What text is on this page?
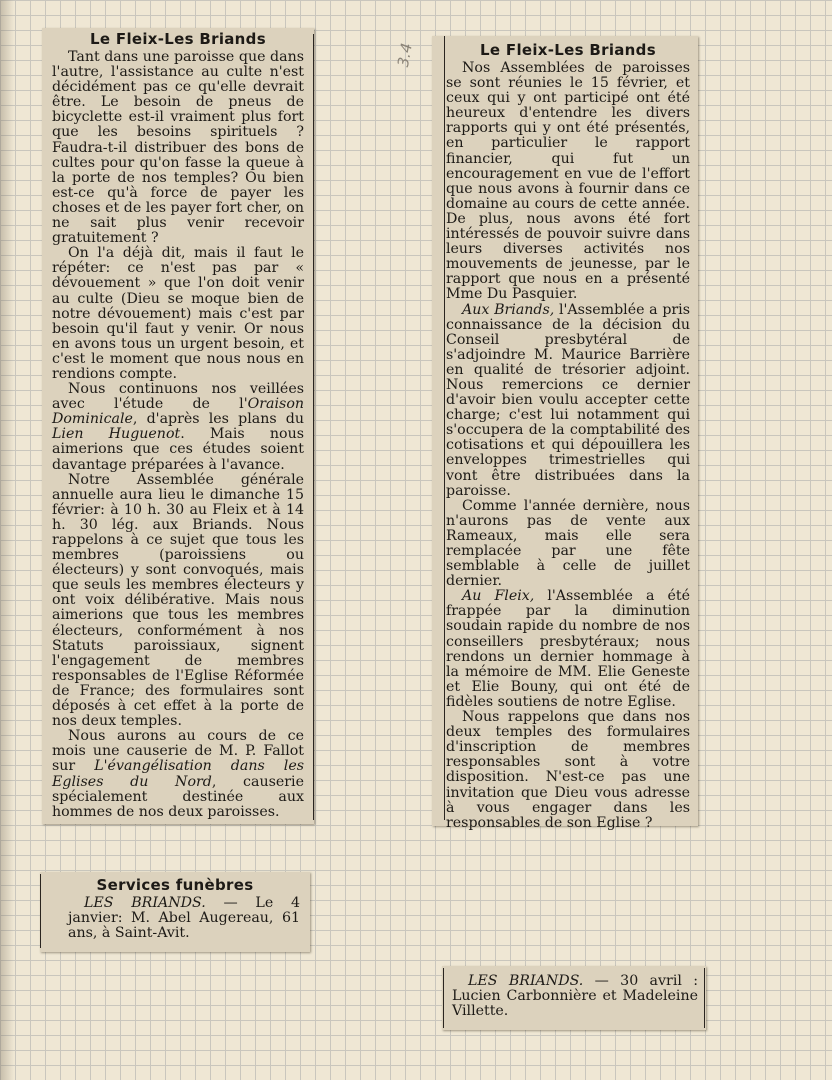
3.4
Le Fleix-Les Briands

Tant dans une paroisse que dans l'autre, l'assistance au culte n'est décidément pas ce qu'elle devrait être. Le besoin de pneus de bicyclette est-il vraiment plus fort que les besoins spirituels ? Faudra-t-il distribuer des bons de cultes pour qu'on fasse la queue à la porte de nos temples? Ou bien est-ce qu'à force de payer les choses et de les payer fort cher, on ne sait plus venir recevoir gratuitement ?

On l'a déjà dit, mais il faut le répéter: ce n'est pas par « dévouement » que l'on doit venir au culte (Dieu se moque bien de notre dévouement) mais c'est par besoin qu'il faut y venir. Or nous en avons tous un urgent besoin, et c'est le moment que nous nous en rendions compte.

Nous continuons nos veillées avec l'étude de l'Oraison Dominicale, d'après les plans du Lien Huguenot. Mais nous aimerions que ces études soient davantage préparées à l'avance.

Notre Assemblée générale annuelle aura lieu le dimanche 15 février: à 10 h. 30 au Fleix et à 14 h. 30 lég. aux Briands. Nous rappelons à ce sujet que tous les membres (paroissiens ou électeurs) y sont convoqués, mais que seuls les membres électeurs y ont voix délibérative. Mais nous aimerions que tous les membres électeurs, conformément à nos Statuts paroissiaux, signent l'engagement de membres responsables de l'Eglise Réformée de France; des formulaires sont déposés à cet effet à la porte de nos deux temples.

Nous aurons au cours de ce mois une causerie de M. P. Fallot sur L'évangélisation dans les Eglises du Nord, causerie spécialement destinée aux hommes de nos deux paroisses.

Le Fleix-Les Briands

Nos Assemblées de paroisses se sont réunies le 15 février, et ceux qui y ont participé ont été heureux d'entendre les divers rapports qui y ont été présentés, en particulier le rapport financier, qui fut un encouragement en vue de l'effort que nous avons à fournir dans ce domaine au cours de cette année. De plus, nous avons été fort intéressés de pouvoir suivre dans leurs diverses activités nos mouvements de jeunesse, par le rapport que nous en a présenté Mme Du Pasquier.

Aux Briands, l'Assemblée a pris connaissance de la décision du Conseil presbytéral de s'adjoindre M. Maurice Barrière en qualité de trésorier adjoint. Nous remercions ce dernier d'avoir bien voulu accepter cette charge; c'est lui notamment qui s'occupera de la comptabilité des cotisations et qui dépouillera les enveloppes trimestrielles qui vont être distribuées dans la paroisse.

Comme l'année dernière, nous n'aurons pas de vente aux Rameaux, mais elle sera remplacée par une fête semblable à celle de juillet dernier.

Au Fleix, l'Assemblée a été frappée par la diminution soudain rapide du nombre de nos conseillers presbytéraux; nous rendons un dernier hommage à la mémoire de MM. Elie Geneste et Elie Bouny, qui ont été de fidèles soutiens de notre Eglise.

Nous rappelons que dans nos deux temples des formulaires d'inscription de membres responsables sont à votre disposition. N'est-ce pas une invitation que Dieu vous adresse à vous engager dans les responsables de son Eglise ?

Services funèbres

LES BRIANDS. — Le 4 janvier: M. Abel Augereau, 61 ans, à Saint-Avit.

LES BRIANDS. — 30 avril : Lucien Carbonnière et Madeleine Villette.
